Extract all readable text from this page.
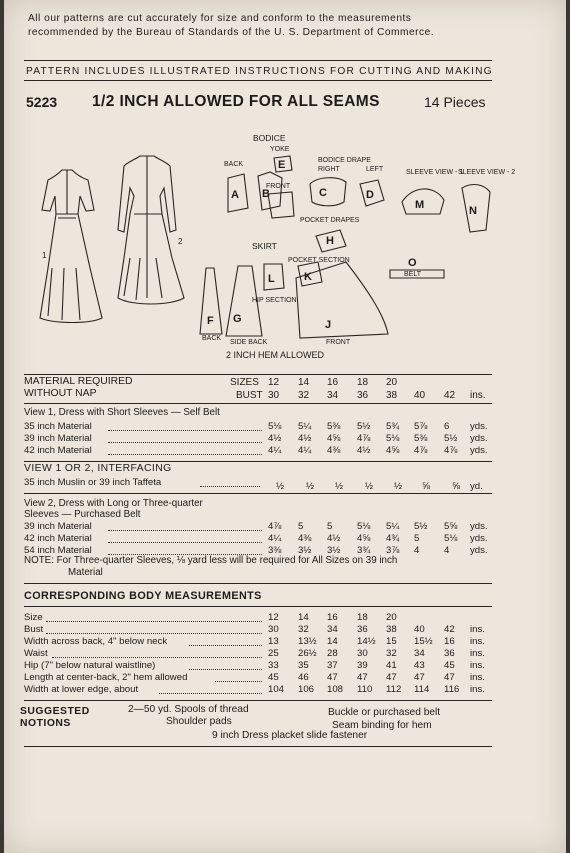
All our patterns are cut accurately for size and conform to the measurements
recommended by the Bureau of Standards of the U. S. Department of Commerce.
PATTERN INCLUDES ILLUSTRATED INSTRUCTIONS FOR CUTTING AND MAKING
5223 1/2 INCH ALLOWED FOR ALL SEAMS	14 Pieces
1
2
BODICE
YOKE
BACK
FRONT
BODICE DRAPE
RIGHT	LEFT	SLEEVE VIEW - 1
SLEEVE VIEW - 2
POCKET DRAPES
POCKET SECTION
SKIRT
HIP SECTION
BELT
SIDE BACK
BACK
FRONT
2 INCH HEM ALLOWED
A B	C	D
E
F G
H
J
K
L
M	N
O
MATERIAL REQUIRED
WITHOUT NAP
SIZES
BUST
12 14 16 18 20
30 32 34 36 38 40 42 ins.
View 1, Dress with Short Sleeves — Self Belt
35 inch Material	5⅛ 5¼ 5⅜ 5½ 5¾ 5⅞ 6 yds.
39 inch Material	4½ 4½ 4⅝ 4⅞ 5⅛ 5⅜ 5½ yds.
42 inch Material	4¼ 4¼ 4⅜ 4½ 4⅝ 4⅞ 4⅞ yds.
VIEW 1 OR 2, INTERFACING
35 inch Muslin or 39 inch Taffeta	½ ½ ½ ½ ½ ⅝ ⅝ yd.
View 2, Dress with Long or Three-quarter
Sleeves — Purchased Belt
39 inch Material	4⅞ 5 5	5⅛ 5¼ 5½ 5⅝ yds.
42 inch Material	4¼ 4⅜ 4½ 4⅝ 4¾ 5	5⅛ yds.
54 inch Material	3⅜ 3½ 3½ 3¾ 3⅞ 4	4 yds.
NOTE: For Three-quarter Sleeves, ⅛ yard less will be required for All Sizes on 39 inch
Material
CORRESPONDING BODY MEASUREMENTS
Size	12 14 16 18 20
Bust	30 32 34 36 38 40 42 ins.
Width across back, 4" below neck	13 13½ 14 14½ 15 15½ 16 ins.
Waist	25 26½ 28 30 32 34 36 ins.
Hip (7" below natural waistline)	33 35 37 39 41 43 45 ins.
Length at center-back, 2" hem allowed	45 46 47 47 47 47 47 ins.
Width at lower edge, about	104 106 108 110 112 114 116 ins.
SUGGESTED
NOTIONS
2—50 yd. Spools of thread	Buckle or purchased belt
Shoulder pads	Seam binding for hem
9 inch Dress placket slide fastener
